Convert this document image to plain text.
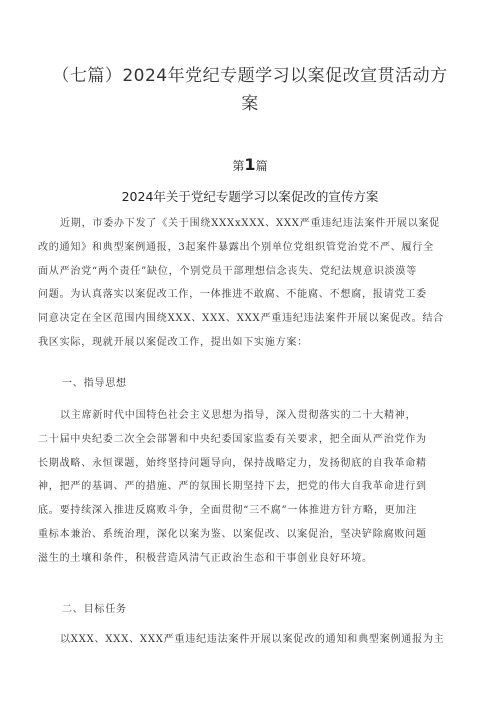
（七篇）2024年党纪专题学习以案促改宣贯活动方
案
第1篇
2024年关于党纪专题学习以案促改的宣传方案
近期，市委办下发了《关于围绕XXXxXXX、XXX严重违纪违法案件开展以案促
改的通知》和典型案例通报，3起案件暴露出个别单位党组织管党治党不严、履行全
面从严治党“两个责任”缺位，个别党员干部理想信念丧失、党纪法规意识淡漠等
问题。为认真落实以案促改工作，一体推进不敢腐、不能腐、不想腐，报请党工委
同意决定在全区范围内围绕XXX、XXX、XXX严重违纪违法案件开展以案促改。结合
我区实际，现就开展以案促改工作，提出如下实施方案：
一、指导思想
以主席新时代中国特色社会主义思想为指导，深入贯彻落实的二十大精神，
二十届中央纪委二次全会部署和中央纪委国家监委有关要求，把全面从严治党作为
长期战略、永恒课题，始终坚持问题导向，保持战略定力，发扬彻底的自我革命精
神，把严的基调、严的措施、严的氛围长期坚持下去，把党的伟大自我革命进行到
底。要持续深入推进反腐败斗争，全面贯彻“三不腐”一体推进方针方略，更加注
重标本兼治、系统治理，深化以案为鉴、以案促改、以案促治，坚决铲除腐败问题
滋生的土壤和条件，积极营造风清气正政治生态和干事创业良好环境。
二、目标任务
以XXX、XXX、XXX严重违纪违法案件开展以案促改的通知和典型案例通报为主
